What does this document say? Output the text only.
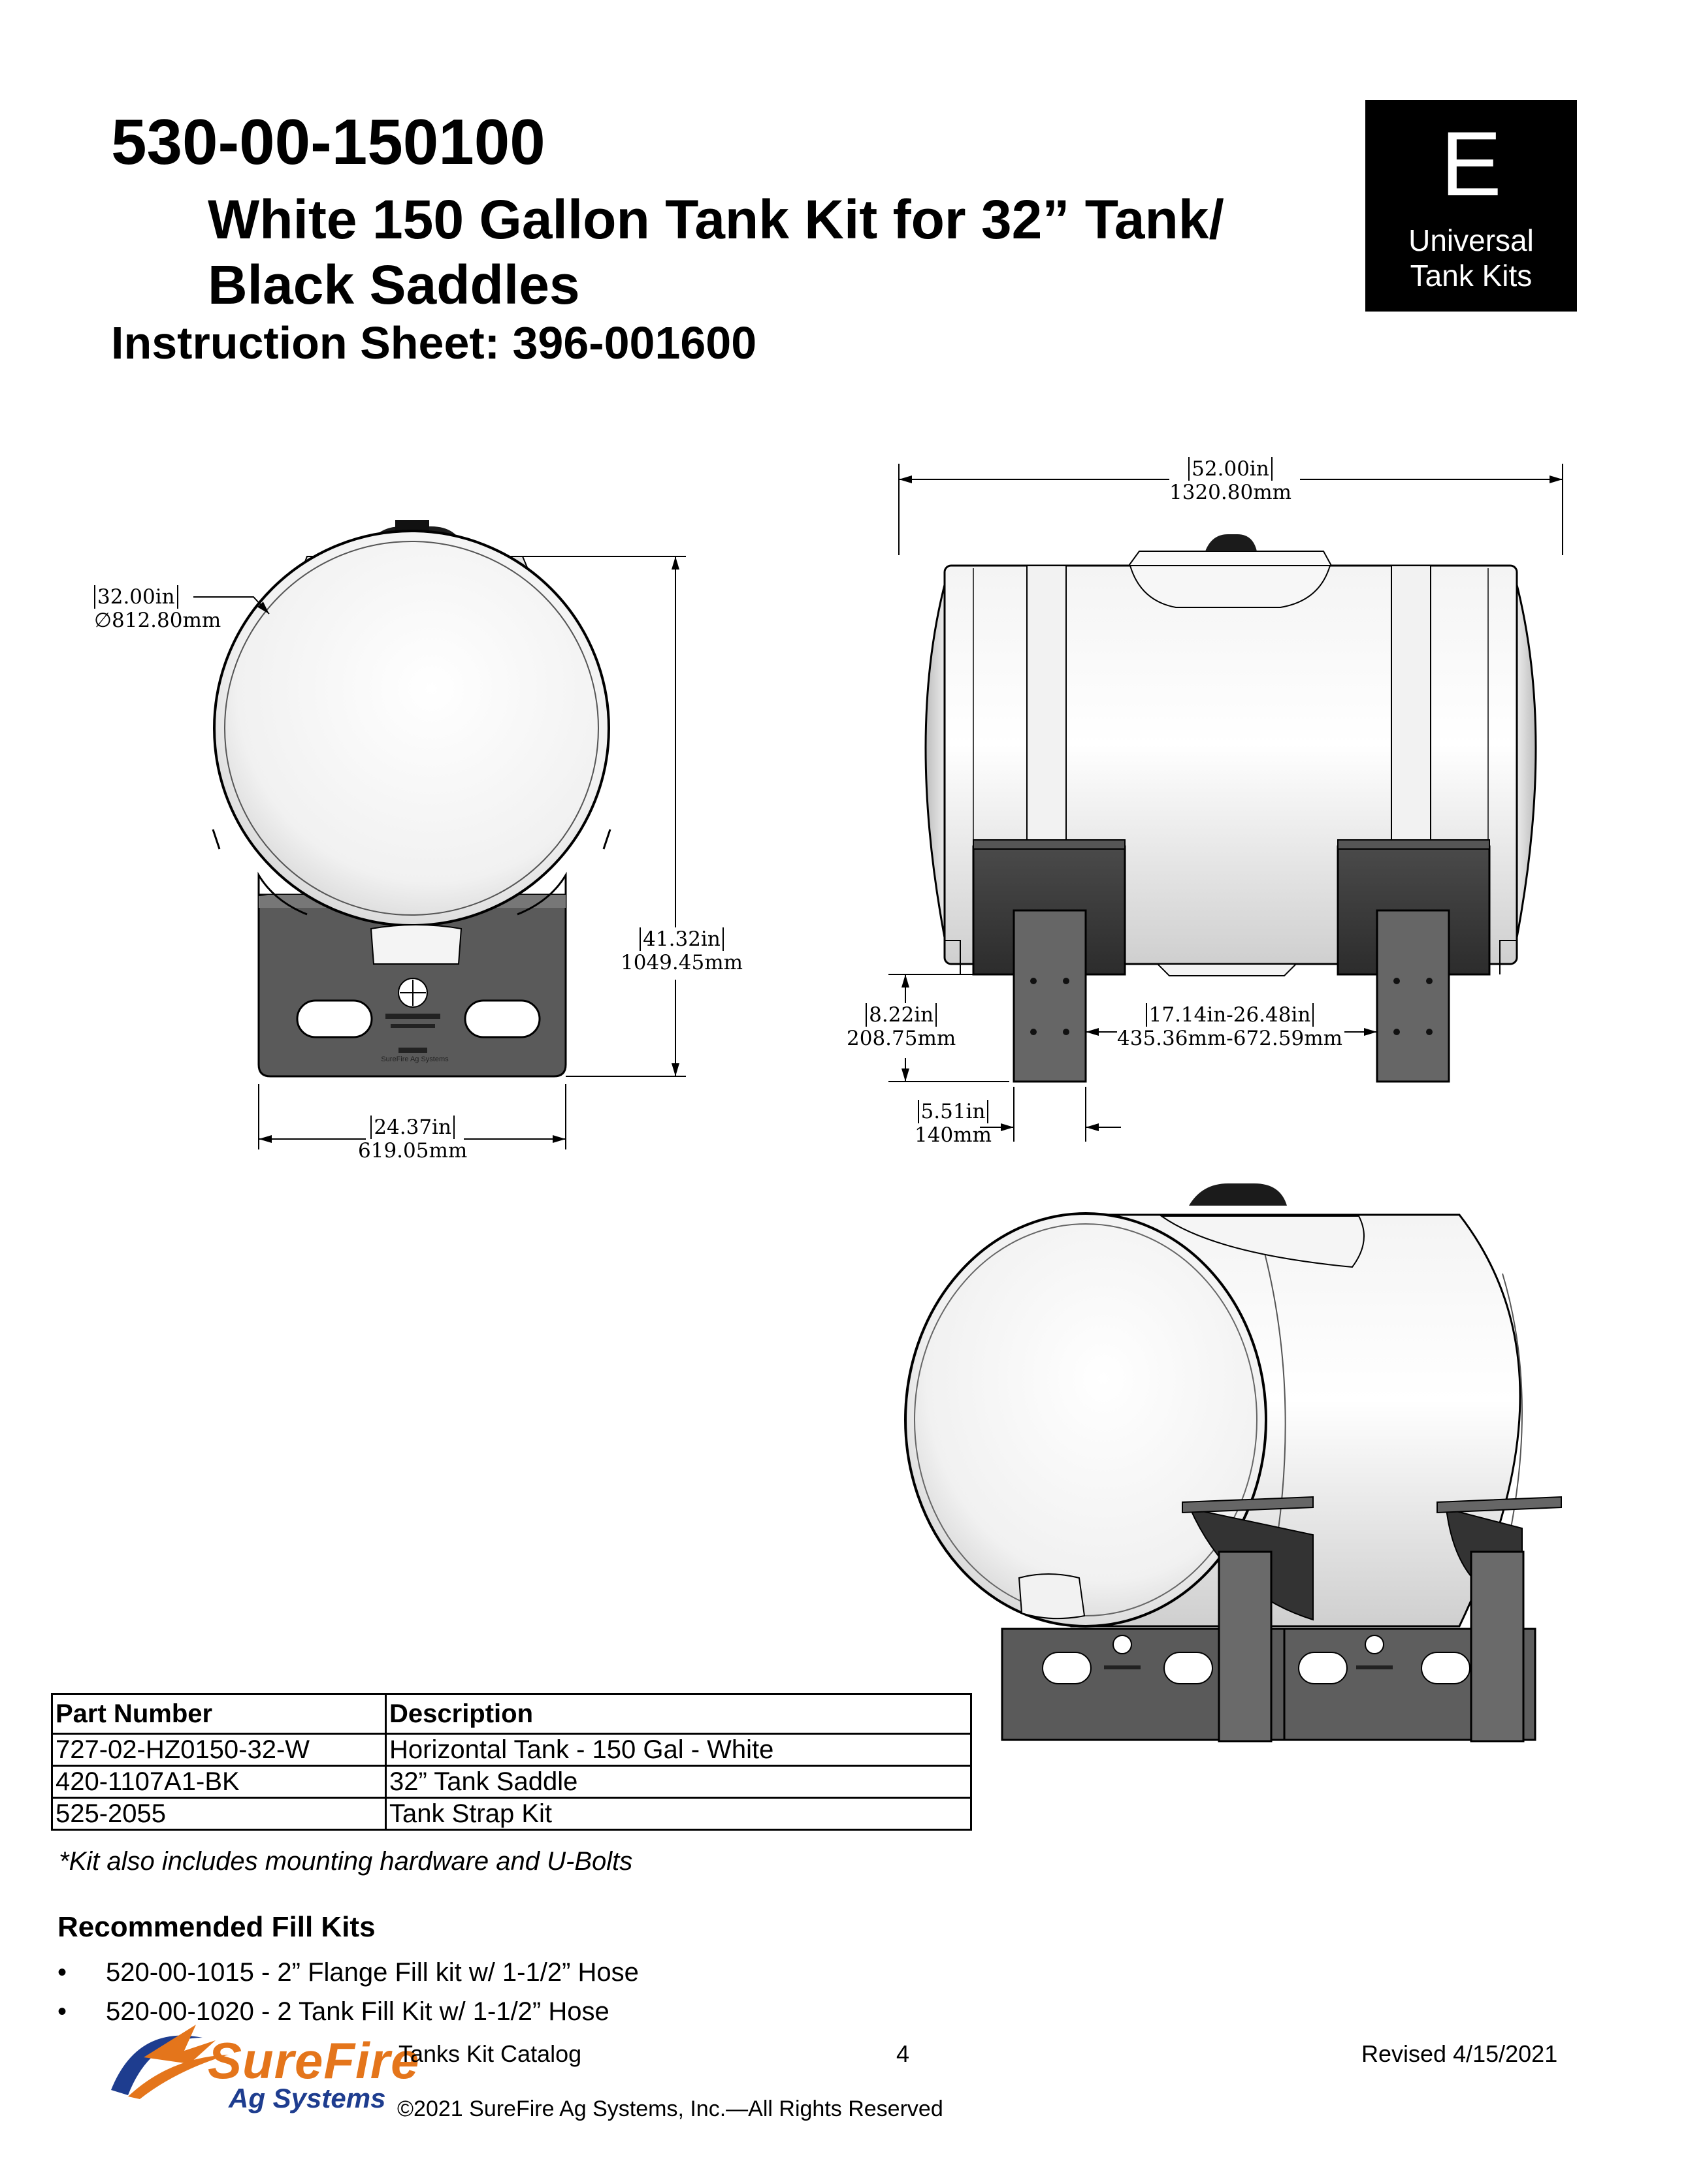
530-00-150100
White 150 Gallon Tank Kit for 32” Tank/ Black Saddles
Instruction Sheet: 396-001600
E
Universal
Tank Kits
32.00in
∅812.80mm
41.32in
1049.45mm
24.37in
619.05mm
52.00in
1320.80mm
8.22in
208.75mm
17.14in-26.48in
435.36mm-672.59mm
5.51in
140mm
SureFire Ag Systems
Part Number	Description
727-02-HZ0150-32-W	Horizontal Tank - 150 Gal - White
420-1107A1-BK	32” Tank Saddle
525-2055	Tank Strap Kit
*Kit also includes mounting hardware and U-Bolts
Recommended Fill Kits
• 520-00-1015 - 2” Flange Fill kit w/ 1-1/2” Hose
• 520-00-1020 - 2 Tank Fill Kit w/ 1-1/2” Hose
SureFire
Ag Systems
Tanks Kit Catalog	4	Revised 4/15/2021
©2021 SureFire Ag Systems, Inc.—All Rights Reserved
